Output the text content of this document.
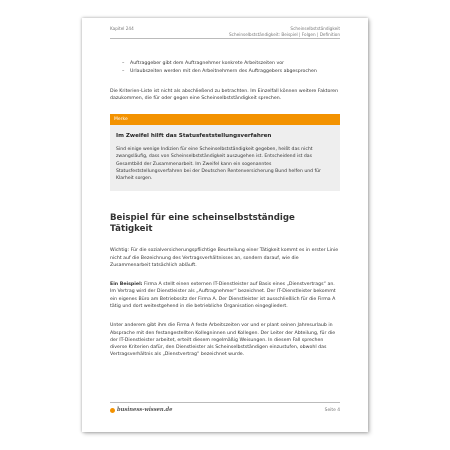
Kapitel 244	Scheinselbstständigkeit
Scheinselbstständigkeit: Beispiel | Folgen | Definition
– Auftraggeber gibt dem Auftragnehmer konkrete Arbeitszeiten vor
– Urlaubszeiten werden mit den Arbeitnehmern des Auftraggebers abgesprochen

Die Kriterien-Liste ist nicht als abschließend zu betrachten. Im Einzelfall können weitere Faktoren dazukommen, die für oder gegen eine Scheinselbstständigkeit sprechen.

Merke
Im Zweifel hilft das Statusfeststellungsverfahren

Sind einige wenige Indizien für eine Scheinselbstständigkeit gegeben, heißt das nicht zwangsläufig, dass von Scheinselbstständigkeit auszugehen ist. Entscheidend ist das Gesamtbild der Zusammenarbeit. Im Zweifel kann ein sogenanntes Statusfeststellungsverfahren bei der Deutschen Rentenversicherung Bund helfen und für Klarheit sorgen.

Beispiel für eine scheinselbstständige Tätigkeit

Wichtig: Für die sozialversicherungspflichtige Beurteilung einer Tätigkeit kommt es in erster Linie nicht auf die Bezeichnung des Vertragsverhältnisses an, sondern darauf, wie die Zusammenarbeit tatsächlich abläuft.

Ein Beispiel: Firma A stellt einen externen IT-Dienstleister auf Basis eines „Dienstvertrags“ an. Im Vertrag wird der Dienstleister als „Auftragnehmer“ bezeichnet. Der IT-Dienstleister bekommt ein eigenes Büro am Betriebssitz der Firma A. Der Dienstleister ist ausschließlich für die Firma A tätig und dort weitestgehend in die betriebliche Organisation eingegliedert.

Unter anderem gibt ihm die Firma A feste Arbeitszeiten vor und er plant seinen Jahresurlaub in Absprache mit den festangestellten Kollegninnen und Kollegen. Der Leiter der Abteilung, für die der IT-Dienstleister arbeitet, erteilt diesem regelmäßig Weisungen. In diesem Fall sprechen diverse Kriterien dafür, den Dienstleister als Scheinselbstständigen einzustufen, obwohl das Vertragsverhältnis als „Dienstvertrag“ bezeichnet wurde.

business-wissen.de	Seite 4
